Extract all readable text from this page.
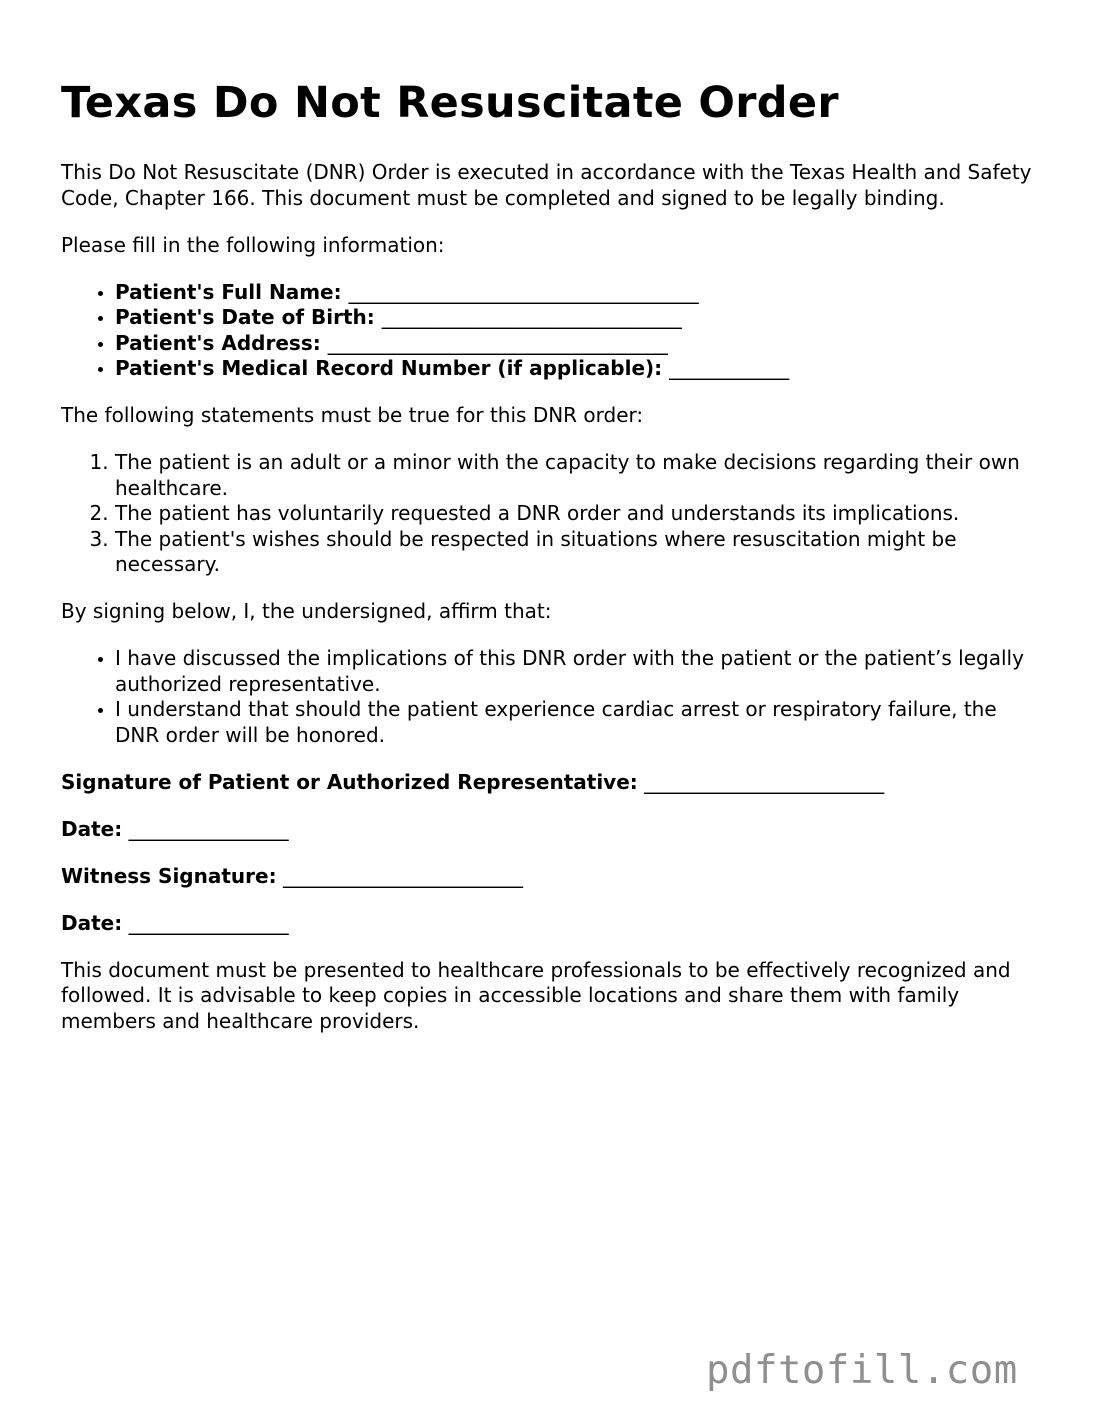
Texas Do Not Resuscitate Order

This Do Not Resuscitate (DNR) Order is executed in accordance with the Texas Health and Safety Code, Chapter 166. This document must be completed and signed to be legally binding.

Please fill in the following information:

• Patient's Full Name: ___________________________________
• Patient's Date of Birth: ______________________________
• Patient's Address: __________________________________
• Patient's Medical Record Number (if applicable): ____________

The following statements must be true for this DNR order:

1. The patient is an adult or a minor with the capacity to make decisions regarding their own healthcare.
2. The patient has voluntarily requested a DNR order and understands its implications.
3. The patient's wishes should be respected in situations where resuscitation might be necessary.

By signing below, I, the undersigned, affirm that:

• I have discussed the implications of this DNR order with the patient or the patient’s legally authorized representative.
• I understand that should the patient experience cardiac arrest or respiratory failure, the DNR order will be honored.
Signature of Patient or Authorized Representative: ________________________
Date: ________________
Witness Signature: ________________________
Date: ________________

This document must be presented to healthcare professionals to be effectively recognized and followed. It is advisable to keep copies in accessible locations and share them with family members and healthcare providers.

pdftofill.com
